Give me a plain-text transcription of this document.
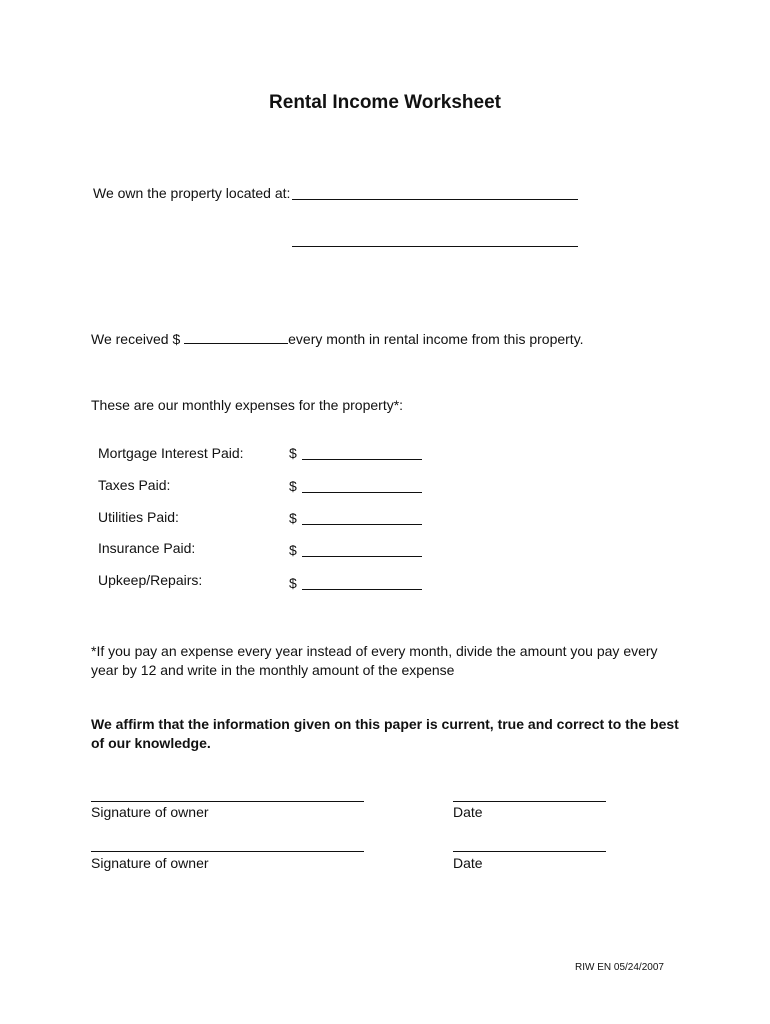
Rental Income Worksheet
We own the property located at:
We received $	every month in rental income from this property.
These are our monthly expenses for the property*:
Mortgage Interest Paid:	$
Taxes Paid:	$
Utilities Paid:	$
Insurance Paid:	$
Upkeep/Repairs:	$
*If you pay an expense every year instead of every month, divide the amount you pay every year by 12 and write in the monthly amount of the expense
We affirm that the information given on this paper is current, true and correct to the best of our knowledge.
Signature of owner	Date
Signature of owner	Date
RIW EN 05/24/2007
